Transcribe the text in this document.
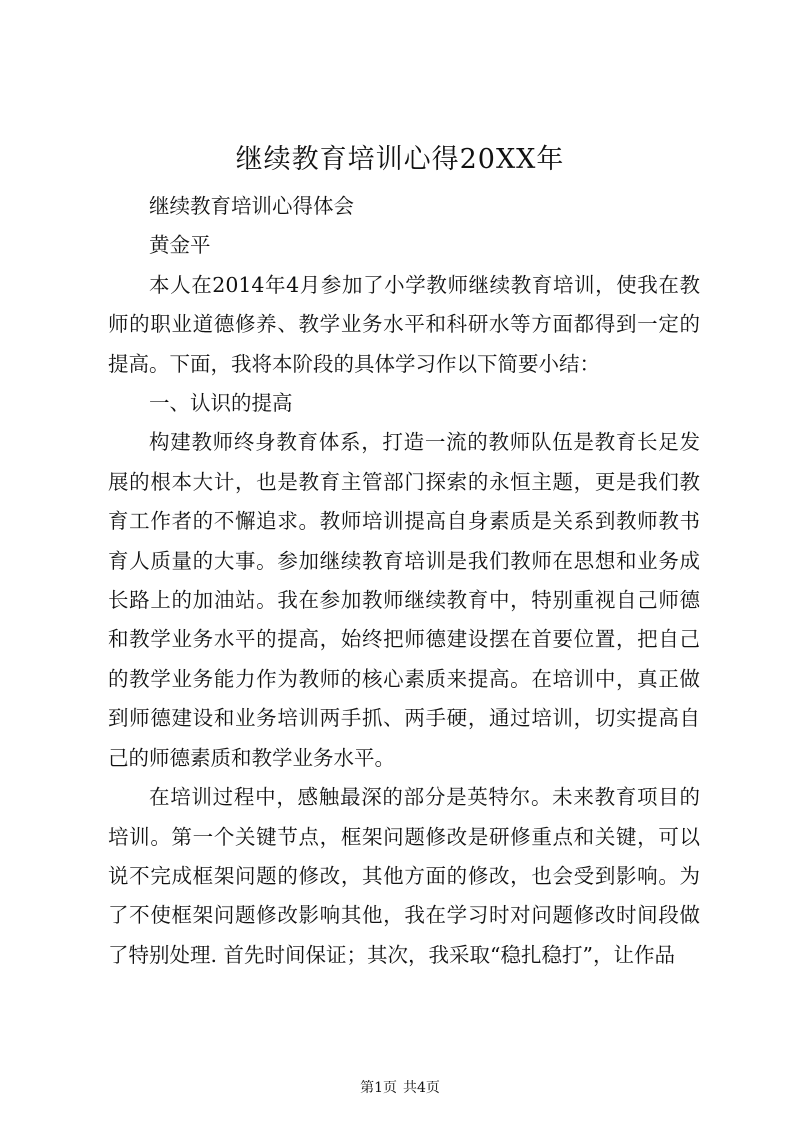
继续教育培训心得20XX年

继续教育培训心得体会

黄金平

本人在2014年4月参加了小学教师继续教育培训，使我在教师的职业道德修养、教学业务水平和科研水等方面都得到一定的提高。下面，我将本阶段的具体学习作以下简要小结：

一、认识的提高

构建教师终身教育体系，打造一流的教师队伍是教育长足发展的根本大计，也是教育主管部门探索的永恒主题，更是我们教育工作者的不懈追求。教师培训提高自身素质是关系到教师教书育人质量的大事。参加继续教育培训是我们教师在思想和业务成长路上的加油站。我在参加教师继续教育中，特别重视自己师德和教学业务水平的提高，始终把师德建设摆在首要位置，把自己的教学业务能力作为教师的核心素质来提高。在培训中，真正做到师德建设和业务培训两手抓、两手硬，通过培训，切实提高自己的师德素质和教学业务水平。

在培训过程中，感触最深的部分是英特尔。未来教育项目的培训。第一个关键节点，框架问题修改是研修重点和关键，可以说不完成框架问题的修改，其他方面的修改，也会受到影响。为了不使框架问题修改影响其他，我在学习时对问题修改时间段做了特别处理. 首先时间保证；其次，我采取“稳扎稳打”，让作品

第1页 共4页
